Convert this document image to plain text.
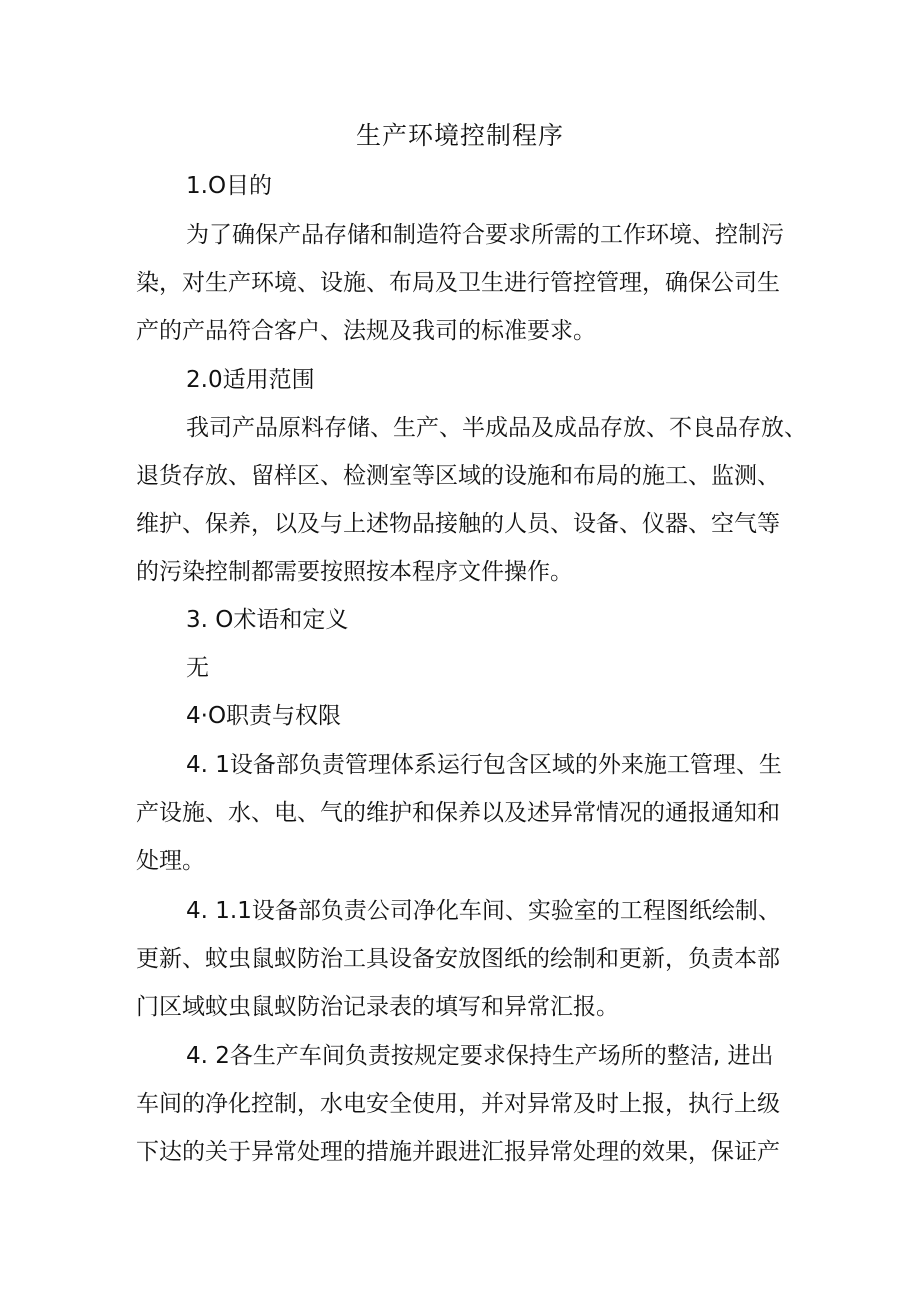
生产环境控制程序
1.O目的
为了确保产品存储和制造符合要求所需的工作环境、控制污
染，对生产环境、设施、布局及卫生进行管控管理，确保公司生
产的产品符合客户、法规及我司的标准要求。
2.0适用范围
我司产品原料存储、生产、半成品及成品存放、不良品存放、
退货存放、留样区、检测室等区域的设施和布局的施工、监测、
维护、保养，以及与上述物品接触的人员、设备、仪器、空气等
的污染控制都需要按照按本程序文件操作。
3. O术语和定义
无
4·O职责与权限
4. 1设备部负责管理体系运行包含区域的外来施工管理、生
产设施、水、电、气的维护和保养以及述异常情况的通报通知和
处理。
4. 1.1设备部负责公司净化车间、实验室的工程图纸绘制、
更新、蚊虫鼠蚁防治工具设备安放图纸的绘制和更新，负责本部
门区域蚊虫鼠蚁防治记录表的填写和异常汇报。
4. 2各生产车间负责按规定要求保持生产场所的整洁, 进出
车间的净化控制，水电安全使用，并对异常及时上报，执行上级
下达的关于异常处理的措施并跟进汇报异常处理的效果，保证产
